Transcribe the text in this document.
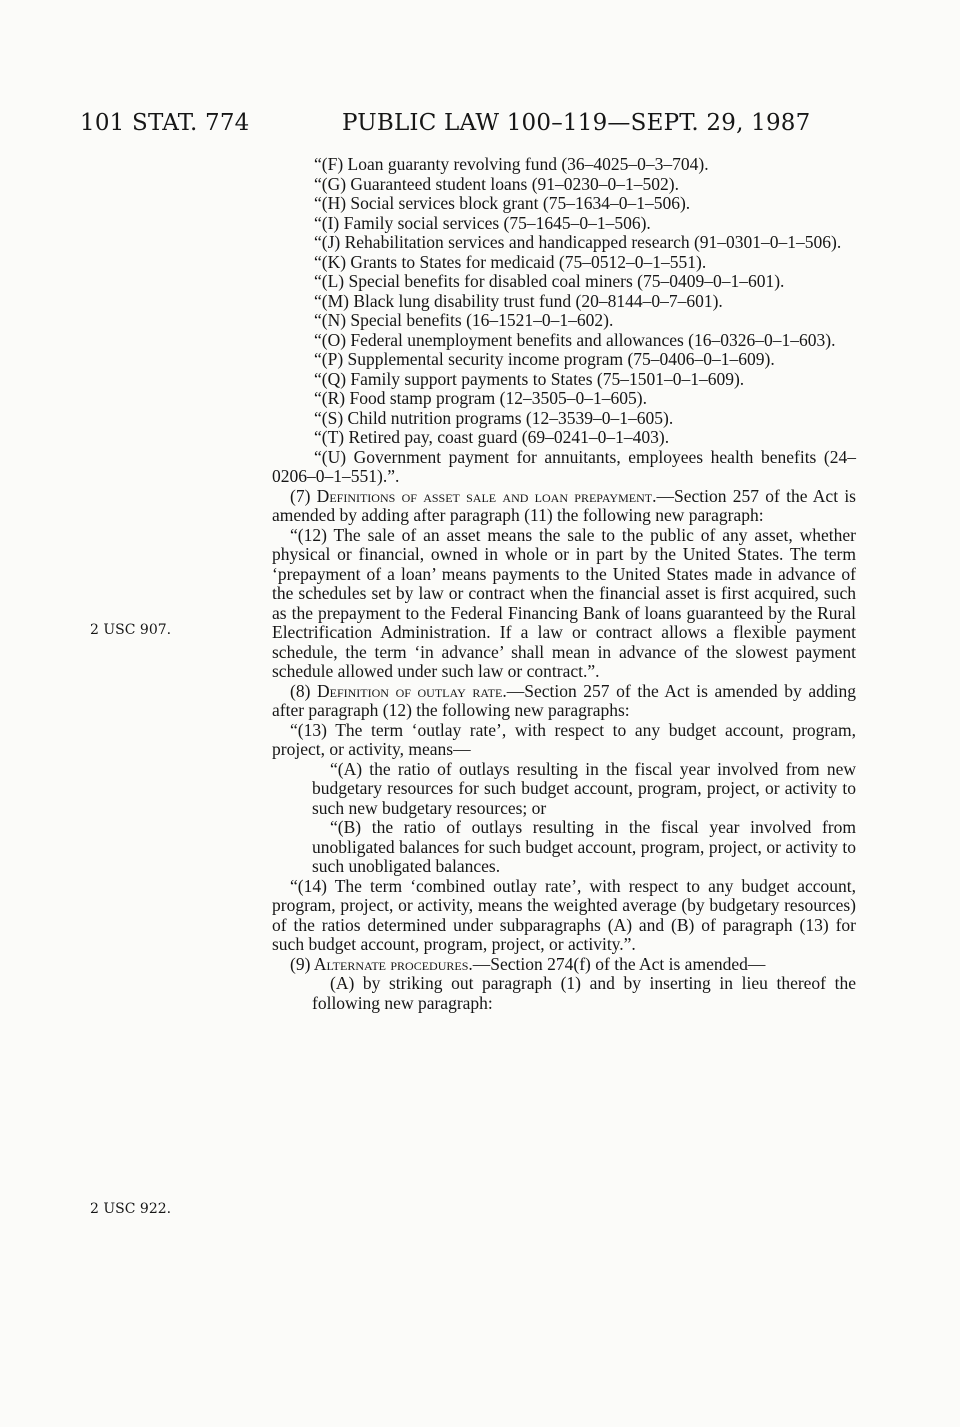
101 STAT. 774	PUBLIC LAW 100–119—SEPT. 29, 1987
2 USC 907.
2 USC 922.

“(F) Loan guaranty revolving fund (36–4025–0–3–704).

“(G) Guaranteed student loans (91–0230–0–1–502).

“(H) Social services block grant (75–1634–0–1–506).

“(I) Family social services (75–1645–0–1–506).

“(J) Rehabilitation services and handicapped research (91–0301–0–1–506).

“(K) Grants to States for medicaid (75–0512–0–1–551).

“(L) Special benefits for disabled coal miners (75–0409–0–1–601).

“(M) Black lung disability trust fund (20–8144–0–7–601).

“(N) Special benefits (16–1521–0–1–602).

“(O) Federal unemployment benefits and allowances (16–0326–0–1–603).

“(P) Supplemental security income program (75–0406–0–1–609).

“(Q) Family support payments to States (75–1501–0–1–609).

“(R) Food stamp program (12–3505–0–1–605).

“(S) Child nutrition programs (12–3539–0–1–605).

“(T) Retired pay, coast guard (69–0241–0–1–403).

“(U) Government payment for annuitants, employees health benefits (24–0206–0–1–551).”.

(7) Definitions of asset sale and loan prepayment.—Section 257 of the Act is amended by adding after paragraph (11) the following new paragraph:

“(12) The sale of an asset means the sale to the public of any asset, whether physical or financial, owned in whole or in part by the United States. The term ‘prepayment of a loan’ means payments to the United States made in advance of the schedules set by law or contract when the financial asset is first acquired, such as the prepayment to the Federal Financing Bank of loans guaranteed by the Rural Electrification Administration. If a law or contract allows a flexible payment schedule, the term ‘in advance’ shall mean in advance of the slowest payment schedule allowed under such law or contract.”.

(8) Definition of outlay rate.—Section 257 of the Act is amended by adding after paragraph (12) the following new paragraphs:

“(13) The term ‘outlay rate’, with respect to any budget account, program, project, or activity, means—

“(A) the ratio of outlays resulting in the fiscal year involved from new budgetary resources for such budget account, program, project, or activity to such new budgetary resources; or

“(B) the ratio of outlays resulting in the fiscal year involved from unobligated balances for such budget account, program, project, or activity to such unobligated balances.

“(14) The term ‘combined outlay rate’, with respect to any budget account, program, project, or activity, means the weighted average (by budgetary resources) of the ratios determined under subparagraphs (A) and (B) of paragraph (13) for such budget account, program, project, or activity.”.

(9) Alternate procedures.—Section 274(f) of the Act is amended—

(A) by striking out paragraph (1) and by inserting in lieu thereof the following new paragraph:
